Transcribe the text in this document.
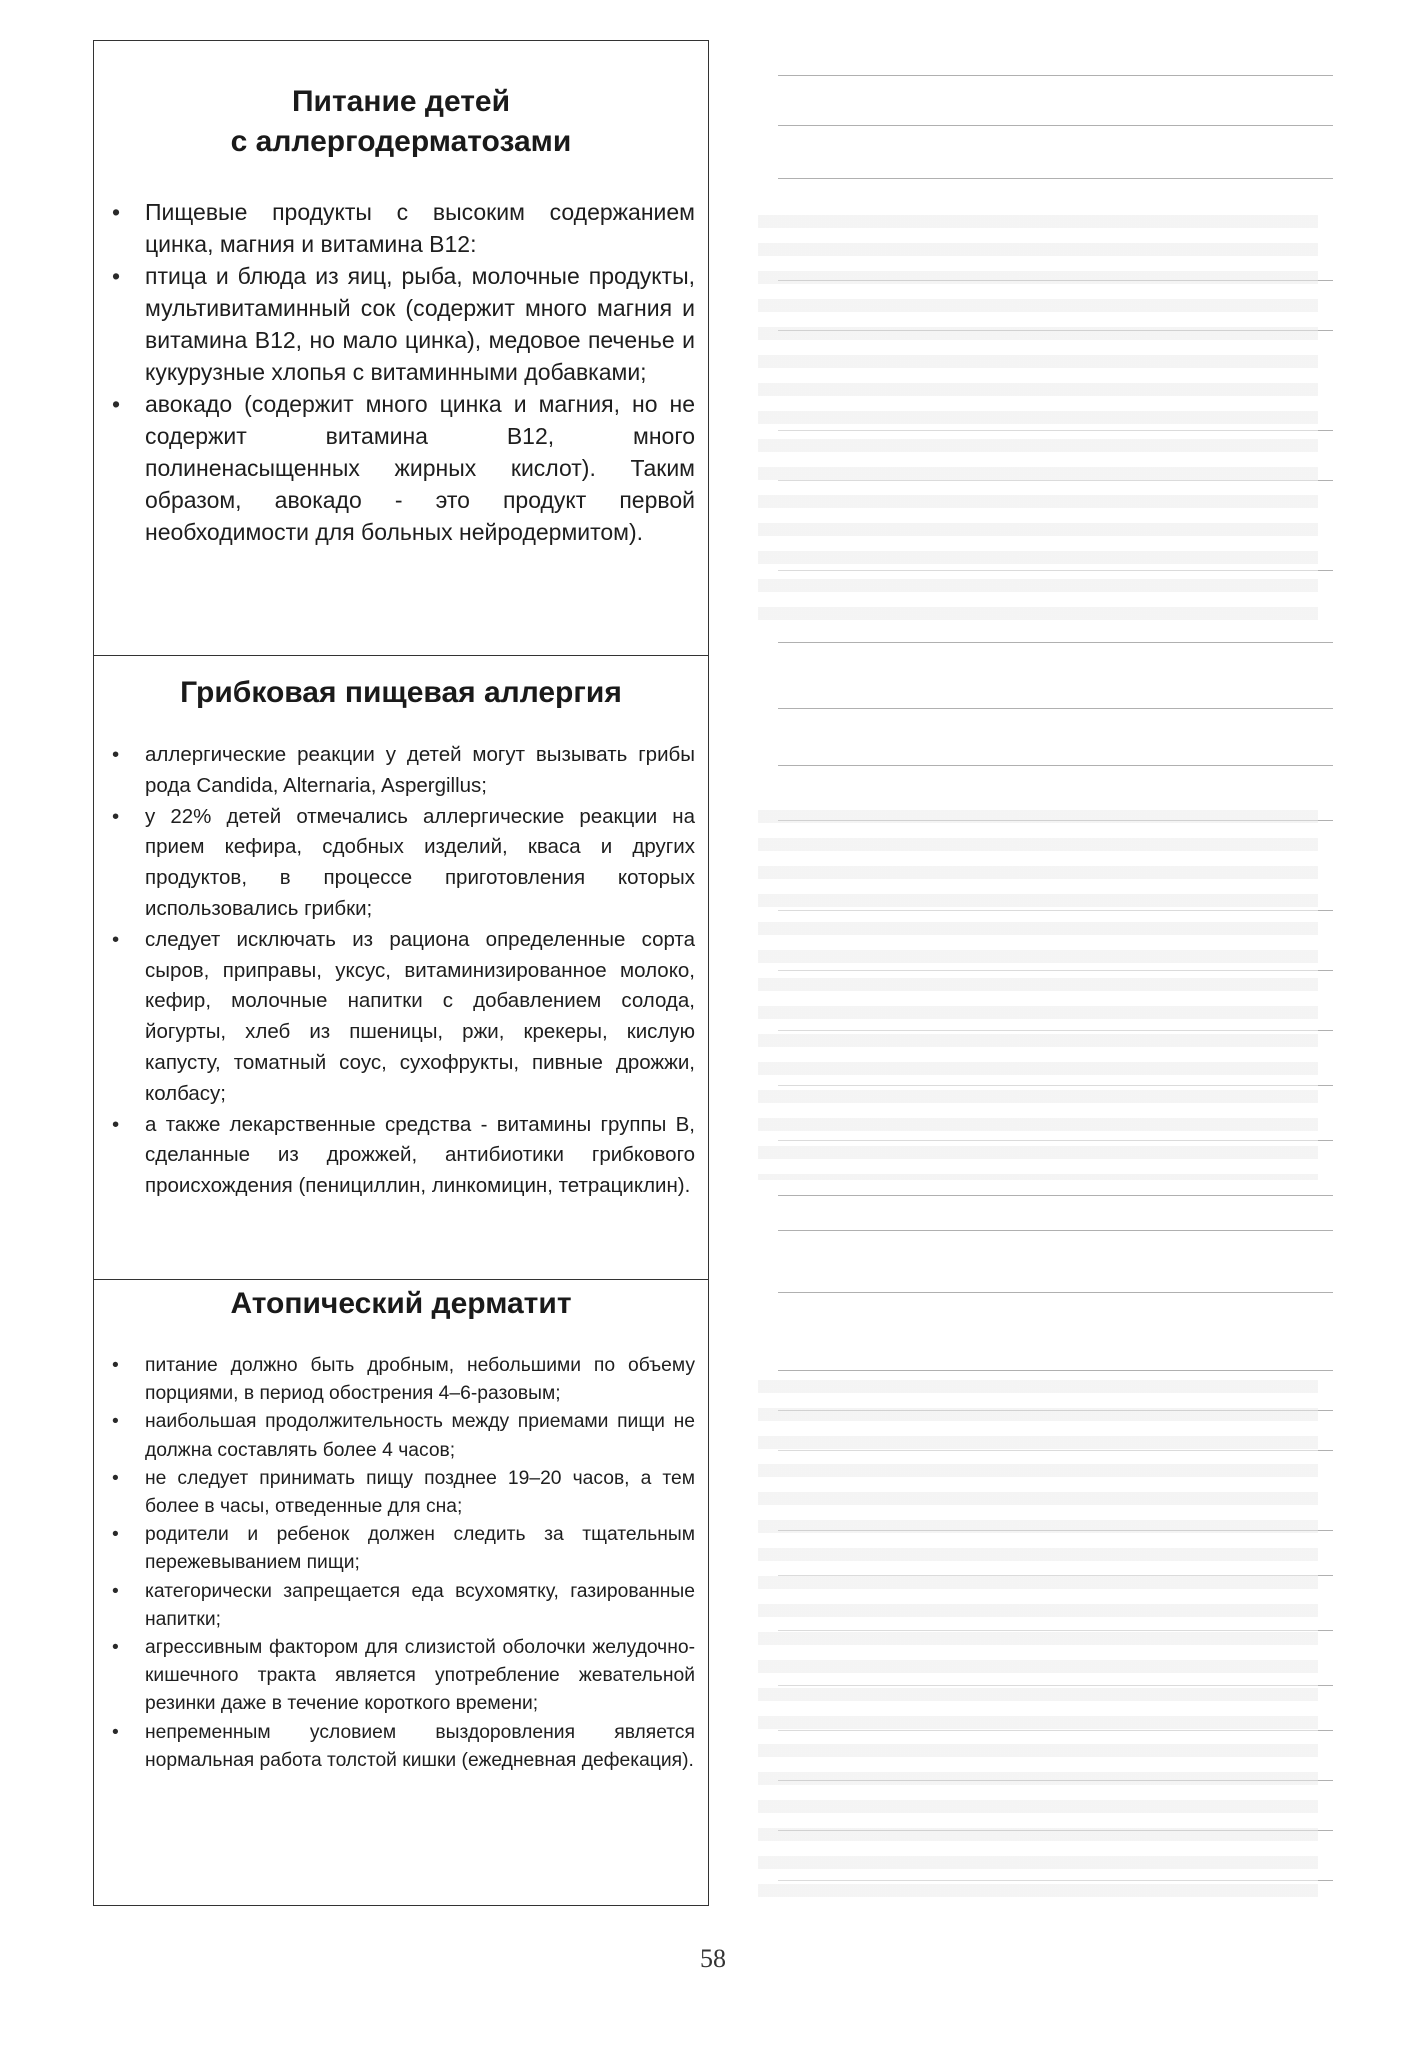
Питание детей
с аллергодерматозами
• Пищевые продукты с высоким содержанием цинка, магния и витамина В12:
• птица и блюда из яиц, рыба, молочные продукты, мультивитаминный сок (содержит много магния и витамина В12, но мало цинка), медовое печенье и кукурузные хлопья с витаминными добавками;
• авокадо (содержит много цинка и магния, но не содержит витамина В12, много полиненасыщенных жирных кислот). Таким образом, авокадо - это продукт первой необходимости для больных нейродермитом).
Грибковая пищевая аллергия
• аллергические реакции у детей могут вызывать грибы рода Candida, Alternaria, Aspergillus;
• у 22% детей отмечались аллергические реакции на прием кефира, сдобных изделий, кваса и других продуктов, в процессе приготовления которых использовались грибки;
• следует исключать из рациона определенные сорта сыров, приправы, уксус, витаминизированное молоко, кефир, молочные напитки с добавлением солода, йогурты, хлеб из пшеницы, ржи, крекеры, кислую капусту, томатный соус, сухофрукты, пивные дрожжи, колбасу;
• а также лекарственные средства - витамины группы В, сделанные из дрожжей, антибиотики грибкового происхождения (пенициллин, линкомицин, тетрациклин).
Атопический дерматит
• питание должно быть дробным, небольшими по объему порциями, в период обострения 4–6-разовым;
• наибольшая продолжительность между приемами пищи не должна составлять более 4 часов;
• не следует принимать пищу позднее 19–20 часов, а тем более в часы, отведенные для сна;
• родители и ребенок должен следить за тщательным пережевыванием пищи;
• категорически запрещается еда всухомятку, газированные напитки;
• агрессивным фактором для слизистой оболочки желудочно-кишечного тракта является употребление жевательной резинки даже в течение короткого времени;
• непременным условием выздоровления является нормальная работа толстой кишки (ежедневная дефекация).
58
